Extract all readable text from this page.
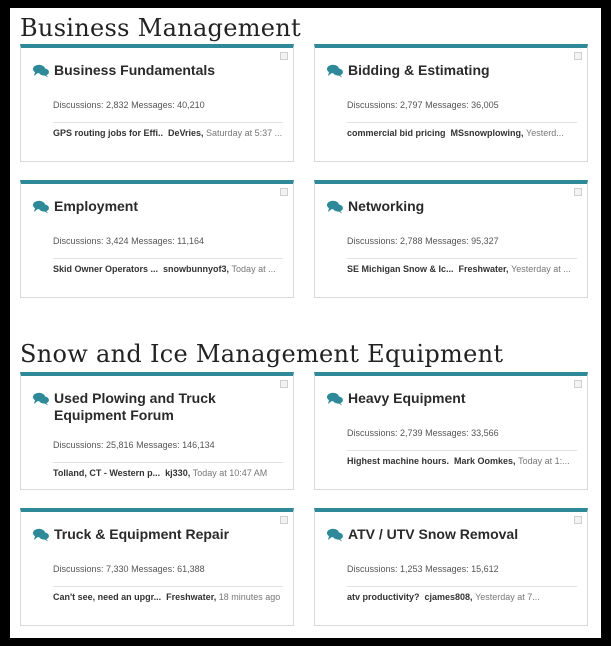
Business Management
Business Fundamentals
Discussions: 2,832 Messages: 40,210
GPS routing jobs for Effi.. DeVries,
Saturday at 5:37 ...
Bidding & Estimating
Discussions: 2,797 Messages: 36,005
commercial bid pricing MSsnowplowing,
Yesterd...
Employment
Discussions: 3,424 Messages: 11,164
Skid Owner Operators ... snowbunnyof3,
Today at ...
Networking
Discussions: 2,788 Messages: 95,327
SE Michigan Snow & Ic... Freshwater,
Yesterday at ...
Snow and Ice Management Equipment
Used Plowing and Truck Equipment Forum
Discussions: 25,816 Messages: 146,134
Tolland, CT - Western p... kj330,
Today at 10:47 AM
Heavy Equipment
Discussions: 2,739 Messages: 33,566
Highest machine hours. Mark Oomkes,
Today at 1:...
Truck & Equipment Repair
Discussions: 7,330 Messages: 61,388
Can't see, need an upgr... Freshwater,
18 minutes ago
ATV / UTV Snow Removal
Discussions: 1,253 Messages: 15,612
atv productivity? cjames808,
Yesterday at 7...
